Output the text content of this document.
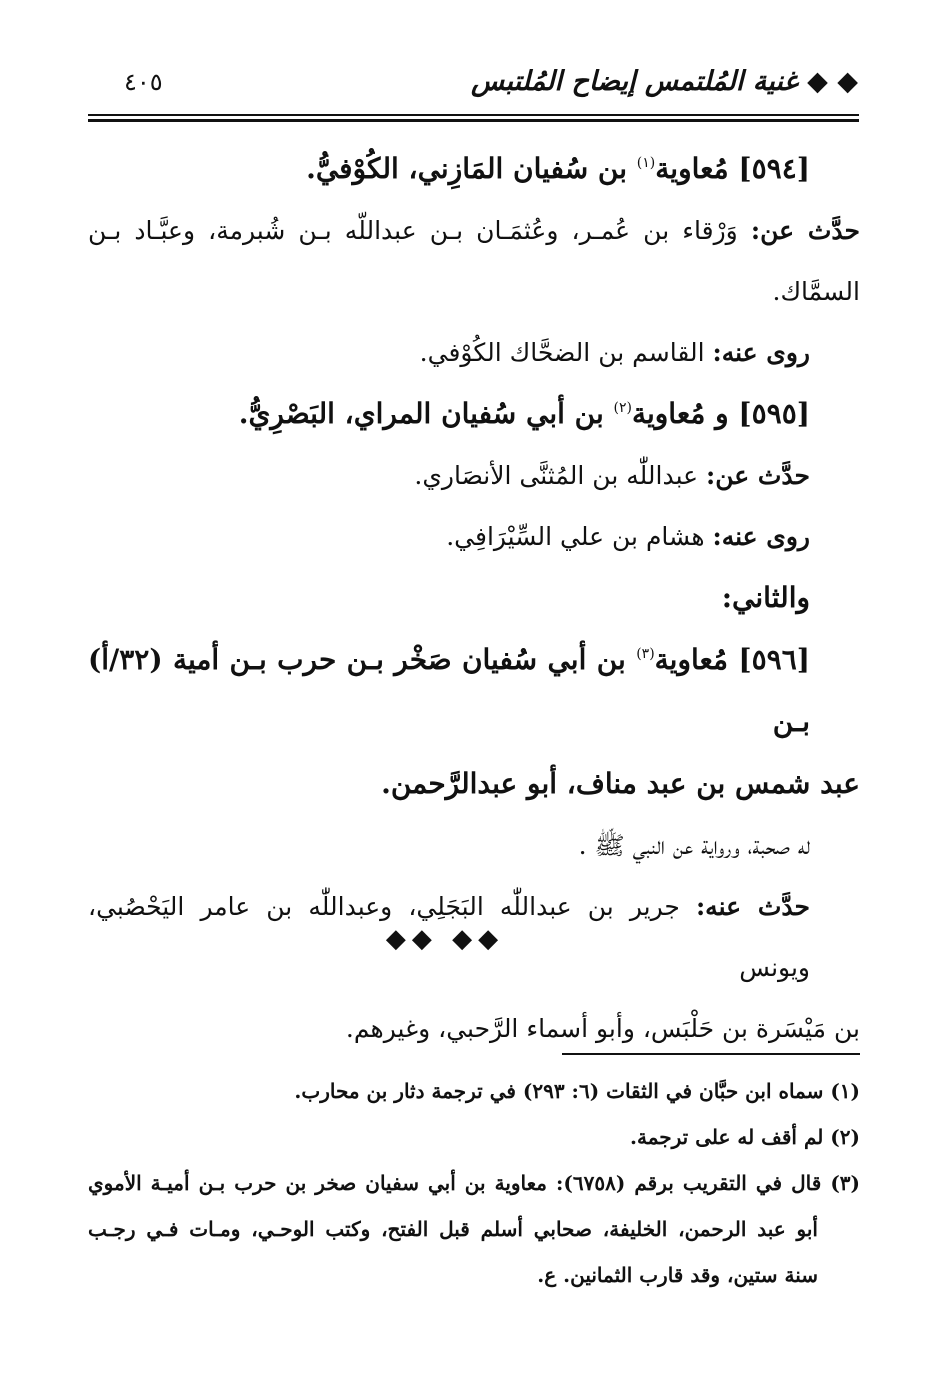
◆ ◆ غنية المُلتمس إيضاح المُلتبس
٤٠٥

[٥٩٤] مُعاوية$^{(١)}$ بن سُفيان المَازِني، الكُوْفيُّ.

حدَّث عن: وَرْقاء بن عُمـر، وعُثمَـان بـن عبداللّه بـن شُبرمة، وعبَّـاد بـن

السمَّاك.

روى عنه: القاسم بن الضحَّاك الكُوْفي.

[٥٩٥] و مُعاوية$^{(٢)}$ بن أبي سُفيان المراي، البَصْرِيُّ.

حدَّث عن: عبداللّٰه بن المُثنَّى الأنصَاري.

روى عنه: هشام بن علي السِّيْرَافِي.

والثاني:

[٥٩٦] مُعاوية$^{(٣)}$ بن أبي سُفيان صَخْر بـن حرب بـن أمية (٣٢/أ) بـن

عبد شمس بن عبد مناف، أبو عبدالرَّحمن.

له صحبة، ورواية عن النبي ﷺ .

حدَّث عنه: جرير بن عبداللّٰه البَجَلِي، وعبداللّٰه بن عامر اليَحْصُبي، ويونس

بن مَيْسَرة بن حَلْبَس، وأبو أسماء الرَّحبي، وغيرهم.

◆◆ ◆◆

(١) سماه ابن حبَّان في الثقات (٦: ٢٩٣) في ترجمة دثار بن محارب.

(٢) لم أقف له على ترجمة.

(٣) قال في التقريب برقم (٦٧٥٨): معاوية بن أبي سفيان صخر بن حرب بـن أميـة الأموي

أبو عبد الرحمن، الخليفة، صحابي أسلم قبل الفتح، وكتب الوحـي، ومـات فـي رجـب

سنة ستين، وقد قارب الثمانين. ع.
